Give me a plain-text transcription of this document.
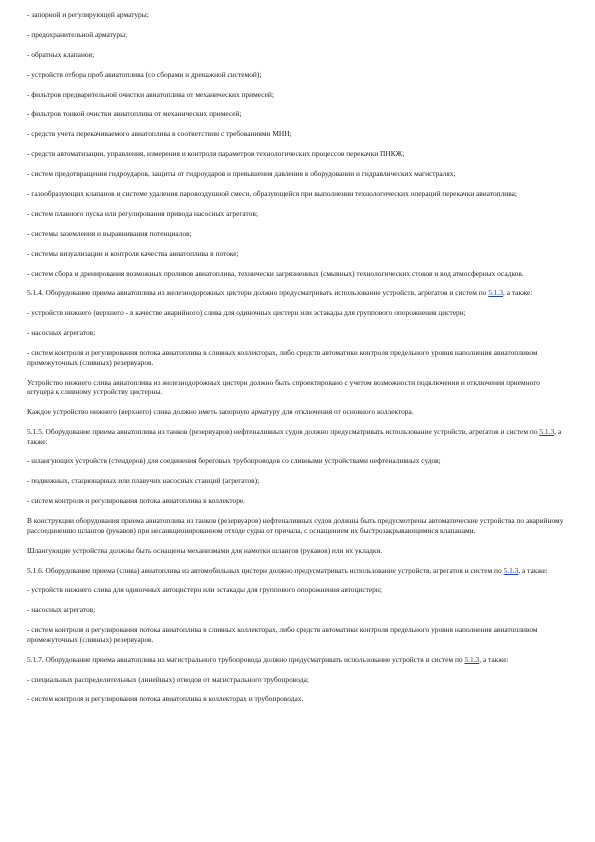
- запорной и регулирующей арматуры;

- предохранительной арматуры;

- обратных клапанов;

- устройств отбора проб авиатоплива (со сборами и дренажной системой);

- фильтров предварительной очистки авиатоплива от механических примесей;

- фильтров тонкой очистки авиатоплива от механических примесей;

- средств учета перекачиваемого авиатоплива в соответствии с требованиями МНН;

- средств автоматизации, управления, измерения и контроля параметров технологических процессов перекачки ПНКЖ;

- систем предотвращения гидроударов, защиты от гидроударов и превышения давления в оборудовании и гидравлических магистралях;

- газообразующих клапанов и системе удаления паровоздушной смеси, образующейся при выполнении технологических операций перекачки авиатоплива;

- систем плавного пуска или регулирования привода насосных агрегатов;

- системы заземления и выравнивания потенциалов;

- системы визуализации и контроля качества авиатоплива в потоке;

- систем сбора и дренирования возможных проливов авиатоплива, технически загрязненных (смывных) технологических стоков и вод атмосферных осадков.

5.1.4. Оборудование приема авиатоплива из железнодорожных цистерн должно предусматривать использование устройств, агрегатов и систем по 5.1.3, а также:

- устройств нижнего (верхнего - в качестве аварийного) слива для одиночных цистерн или эстакады для группового опорожнения цистерн;

- насосных агрегатов;

- систем контроля и регулирования потока авиатоплива в сливных коллекторах, либо средств автоматики контроля предельного уровня наполнения авиатопливом промежуточных (сливных) резервуаров.

Устройство нижнего слива авиатоплива из железнодорожных цистерн должно быть спроектировано с учетом возможности подключения и отключения приемного штуцера к сливному устройству цистерны.

Каждое устройство нижнего (верхнего) слива должно иметь запорную арматуру для отключения от основного коллектора.

5.1.5. Оборудование приема авиатоплива из танков (резервуаров) нефтеналивных судов должно предусматривать использование устройств, агрегатов и систем по 5.1.3, а также:

- шлангующих устройств (стендеров) для соединения береговых трубопроводов со сливными устройствами нефтеналивных судов;

- подвижных, стационарных или плавучих насосных станций (агрегатов);

- систем контроля и регулирования потока авиатоплива в коллекторе.

В конструкции оборудования приема авиатоплива из танков (резервуаров) нефтеналивных судов должны быть предусмотрены автоматические устройства по аварийному рассоединению шлангов (рукавов) при несанкционированном отходе судна от причала, с оснащением их быстрозакрывающимися клапанами.

Шлангующие устройства должны быть оснащены механизмами для намотки шлангов (рукавов) или их укладки.

5.1.6. Оборудование приема (слива) авиатоплива из автомобильных цистерн должно предусматривать использование устройств, агрегатов и систем по 5.1.3, а также:

- устройств нижнего слива для одиночных автоцистерн или эстакады для группового опорожнения автоцистерн;

- насосных агрегатов;

- систем контроля и регулирования потока авиатоплива в сливных коллекторах, либо средств автоматики контроля предельного уровня наполнения авиатопливом промежуточных (сливных) резервуаров.

5.1.7. Оборудование приема авиатоплива из магистрального трубопровода должно предусматривать использование устройств и систем по 5.1.3, а также:

- специальных распределительных (линейных) отводов от магистрального трубопровода;

- систем контроля и регулирования потока авиатоплива в коллекторах и трубопроводах.
